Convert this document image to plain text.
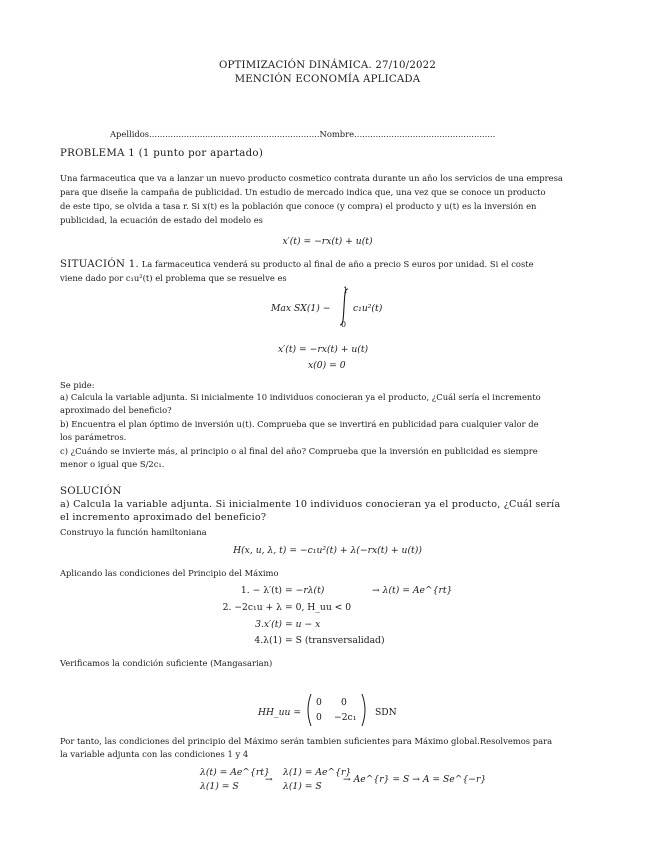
OPTIMIZACIÓN DINÁMICA. 27/10/2022
MENCIÓN ECONOMÍA APLICADA
Apellidos................................................................Nombre.....................................................
PROBLEMA 1 (1 punto por apartado)
Una farmaceutica que va a lanzar un nuevo producto cosmetico contrata durante un año los servicios de una empresa
para que diseñe la campaña de publicidad. Un estudio de mercado indica que, una vez que se conoce un producto
de este tipo, se olvida a tasa r. Si x(t) es la población que conoce (y compra) el producto y u(t) es la inversión en
publicidad, la ecuación de estado del modelo es
x′(t) = −rx(t) + u(t)
SITUACIÓN 1. La farmaceutica venderá su producto al final de año a precio S euros por unidad. Si el coste
viene dado por c₁u²(t) el problema que se resuelve es
Max SX(1) −
1
0
c₁u²(t)
x′(t) = −rx(t) + u(t)
x(0) = 0
Se pide:
a) Calcula la variable adjunta. Si inicialmente 10 individuos conocieran ya el producto, ¿Cuál sería el incremento
aproximado del beneficio?
b) Encuentra el plan óptimo de inversión u(t). Comprueba que se invertirá en publicidad para cualquier valor de
los parámetros.
c) ¿Cuándo se invierte más, al principio o al final del año? Comprueba que la inversión en publicidad es siempre
menor o igual que S/2c₁.
SOLUCIÓN
a) Calcula la variable adjunta. Si inicialmente 10 individuos conocieran ya el producto, ¿Cuál sería
el incremento aproximado del beneficio?
Construyo la función hamiltoniana
H(x, u, λ, t) = −c₁u²(t) + λ(−rx(t) + u(t))
Aplicando las condiciones del Principio del Máximo
1. − λ′(t) = −rλ(t)	→ λ(t) = Ae^{rt}
2. −2c₁u + λ = 0, H_uu < 0
3.x′(t) = u − x
4.λ(1) = S (transversalidad)
Verificamos la condición suficiente (Mangasarian)
HH_uu =
0 0
0 −2c₁ SDN
Por tanto, las condiciones del principio del Máximo serán tambien suficientes para Máximo global.Resolvemos para
la variable adjunta con las condiciones 1 y 4
λ(t) = Ae^{rt}
λ(1) = S
→
λ(1) = Ae^{r}
λ(1) = S
→ Ae^{r} = S → A = Se^{−r}
